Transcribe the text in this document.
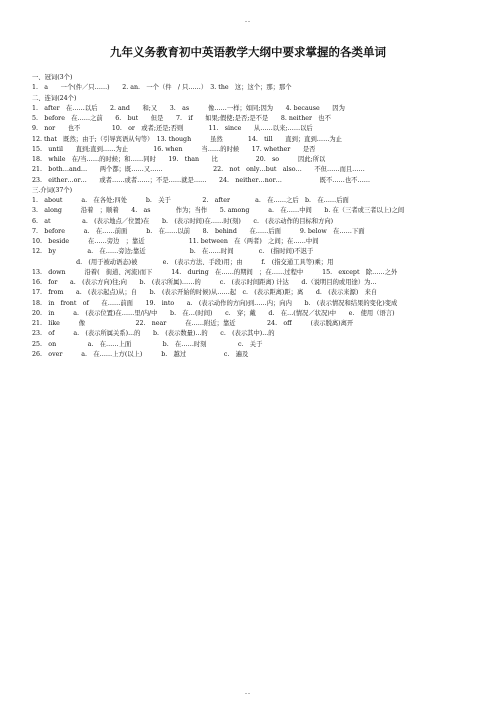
--
九年义务教育初中英语教学大纲中要求掌握的各类单词
一、冠词(3个)
1.　a　　一个(件／只……)　　2. an.　一个（件　/ 只……）　3. the　这；这个；那；那个
二、连词(24个)
1.　after　在……以后　　2. and　　和;又　　3.　as　　　像……一样；如同;因为　　4. because　　因为
5.　before　在……之前　　6.　but　　但是　　7.　if　　如果;假使;是否;是不是　　8. neither　也不
9.　nor　　也不　　　　　10.　or　或者;还是;否则　　　　11.　since　　从……以来;……以后
12. that　既然；由于;（引导宾语从句等）　13. though　　　虽然　　　　14.　till　　直到；直到……为止
15.　until　　直到;直到……为止　　　　16. when　　　当……的时候　　17. whether　　是否
18.　while　在/当……的时候；和……同时　　19.　than　　比　　　　　　20.　so　　　因此;所以
21.　both…and…　　两个都；既……又……　　　　　　　　22.　not　only…but　also…　　不但……而且……
23.　either…or…　　或者……或者……；不是……就是……　　24.　neither…nor…　　　　　　既不……也不……
三.介词(37个)
1.　about　　　a.　在各处;四处　　　b.　关于　　　　　2.　after　　　　a.　在……之后　b.　在……后面
3.　along　　　沿着　；顺着　　4.　as　　　　作为；当作　　5. among　　　a.　在……中间　　b. 在（三者或三者以上)之间
6.　at　　　　　a.　(表示地点／位置)在　　b.　(表示时间)在……时(刻)　　c.　(表示动作的目标和方向)
7.　before　　　a.　在……前面　　　b.　在……以前　　8.　behind　　在……后面　　　9. below　在……下面
10.　beside　　　在……旁边　；靠近　　　　　　　11. between　在（两者)　之间；在……中间
12.　by　　　　　a.　在……旁边;靠近　　　　　　　b.　在……时间　　　　c.　(指时间)不迟于
　　　　　　　d.　(用于被动语态)被　　　　e.　(表示方法、手段)用；由　　　f.　(指交通工具等)乘；用
13.　down　　　沿着(　街道、河流)而下　　　14.　during　在……的期间　；在……过程中　　　15.　except　除……之外
16.　for　　a.　(表示方向)往;向　　b.　(表示所属)……的　　　c.　(表示时间距离) 计达　　d.（说明目的或用途）为…
17.　from　　a.　(表示起点)从；自　　b.　(表示开始的时候)从……起　c.　(表示距离)距；离　　d.　(表示来源)　来自
18.　in　front　of　　在……前面　　19.　into　　a.　(表示动作的方向)到……内；向内　　b.　(表示情况和结果的变化)变成
20.　in　　　a.　(表示位置)在……里/内/中　　b.　在…(时间)　　c.　穿；戴　　d.　在…(情况／状况)中　　e.　使用（语言)
21.　like　　　像　　　　　　　　22.　near　　　在……附近；靠近　　　　　24.　off　　　(表示脱离)离开
23.　of　　　a.　(表示所属关系)...的　　b.　(表示数量)...的　　c.　(表示其中)...的
25.　on　　　　　a.　在……上面　　　　　b.　在……时刻　　　　　c.　关于
26.　over　　　a.　在……上方(以上)　　　b.　越过　　　　　　c.　遍及
--
